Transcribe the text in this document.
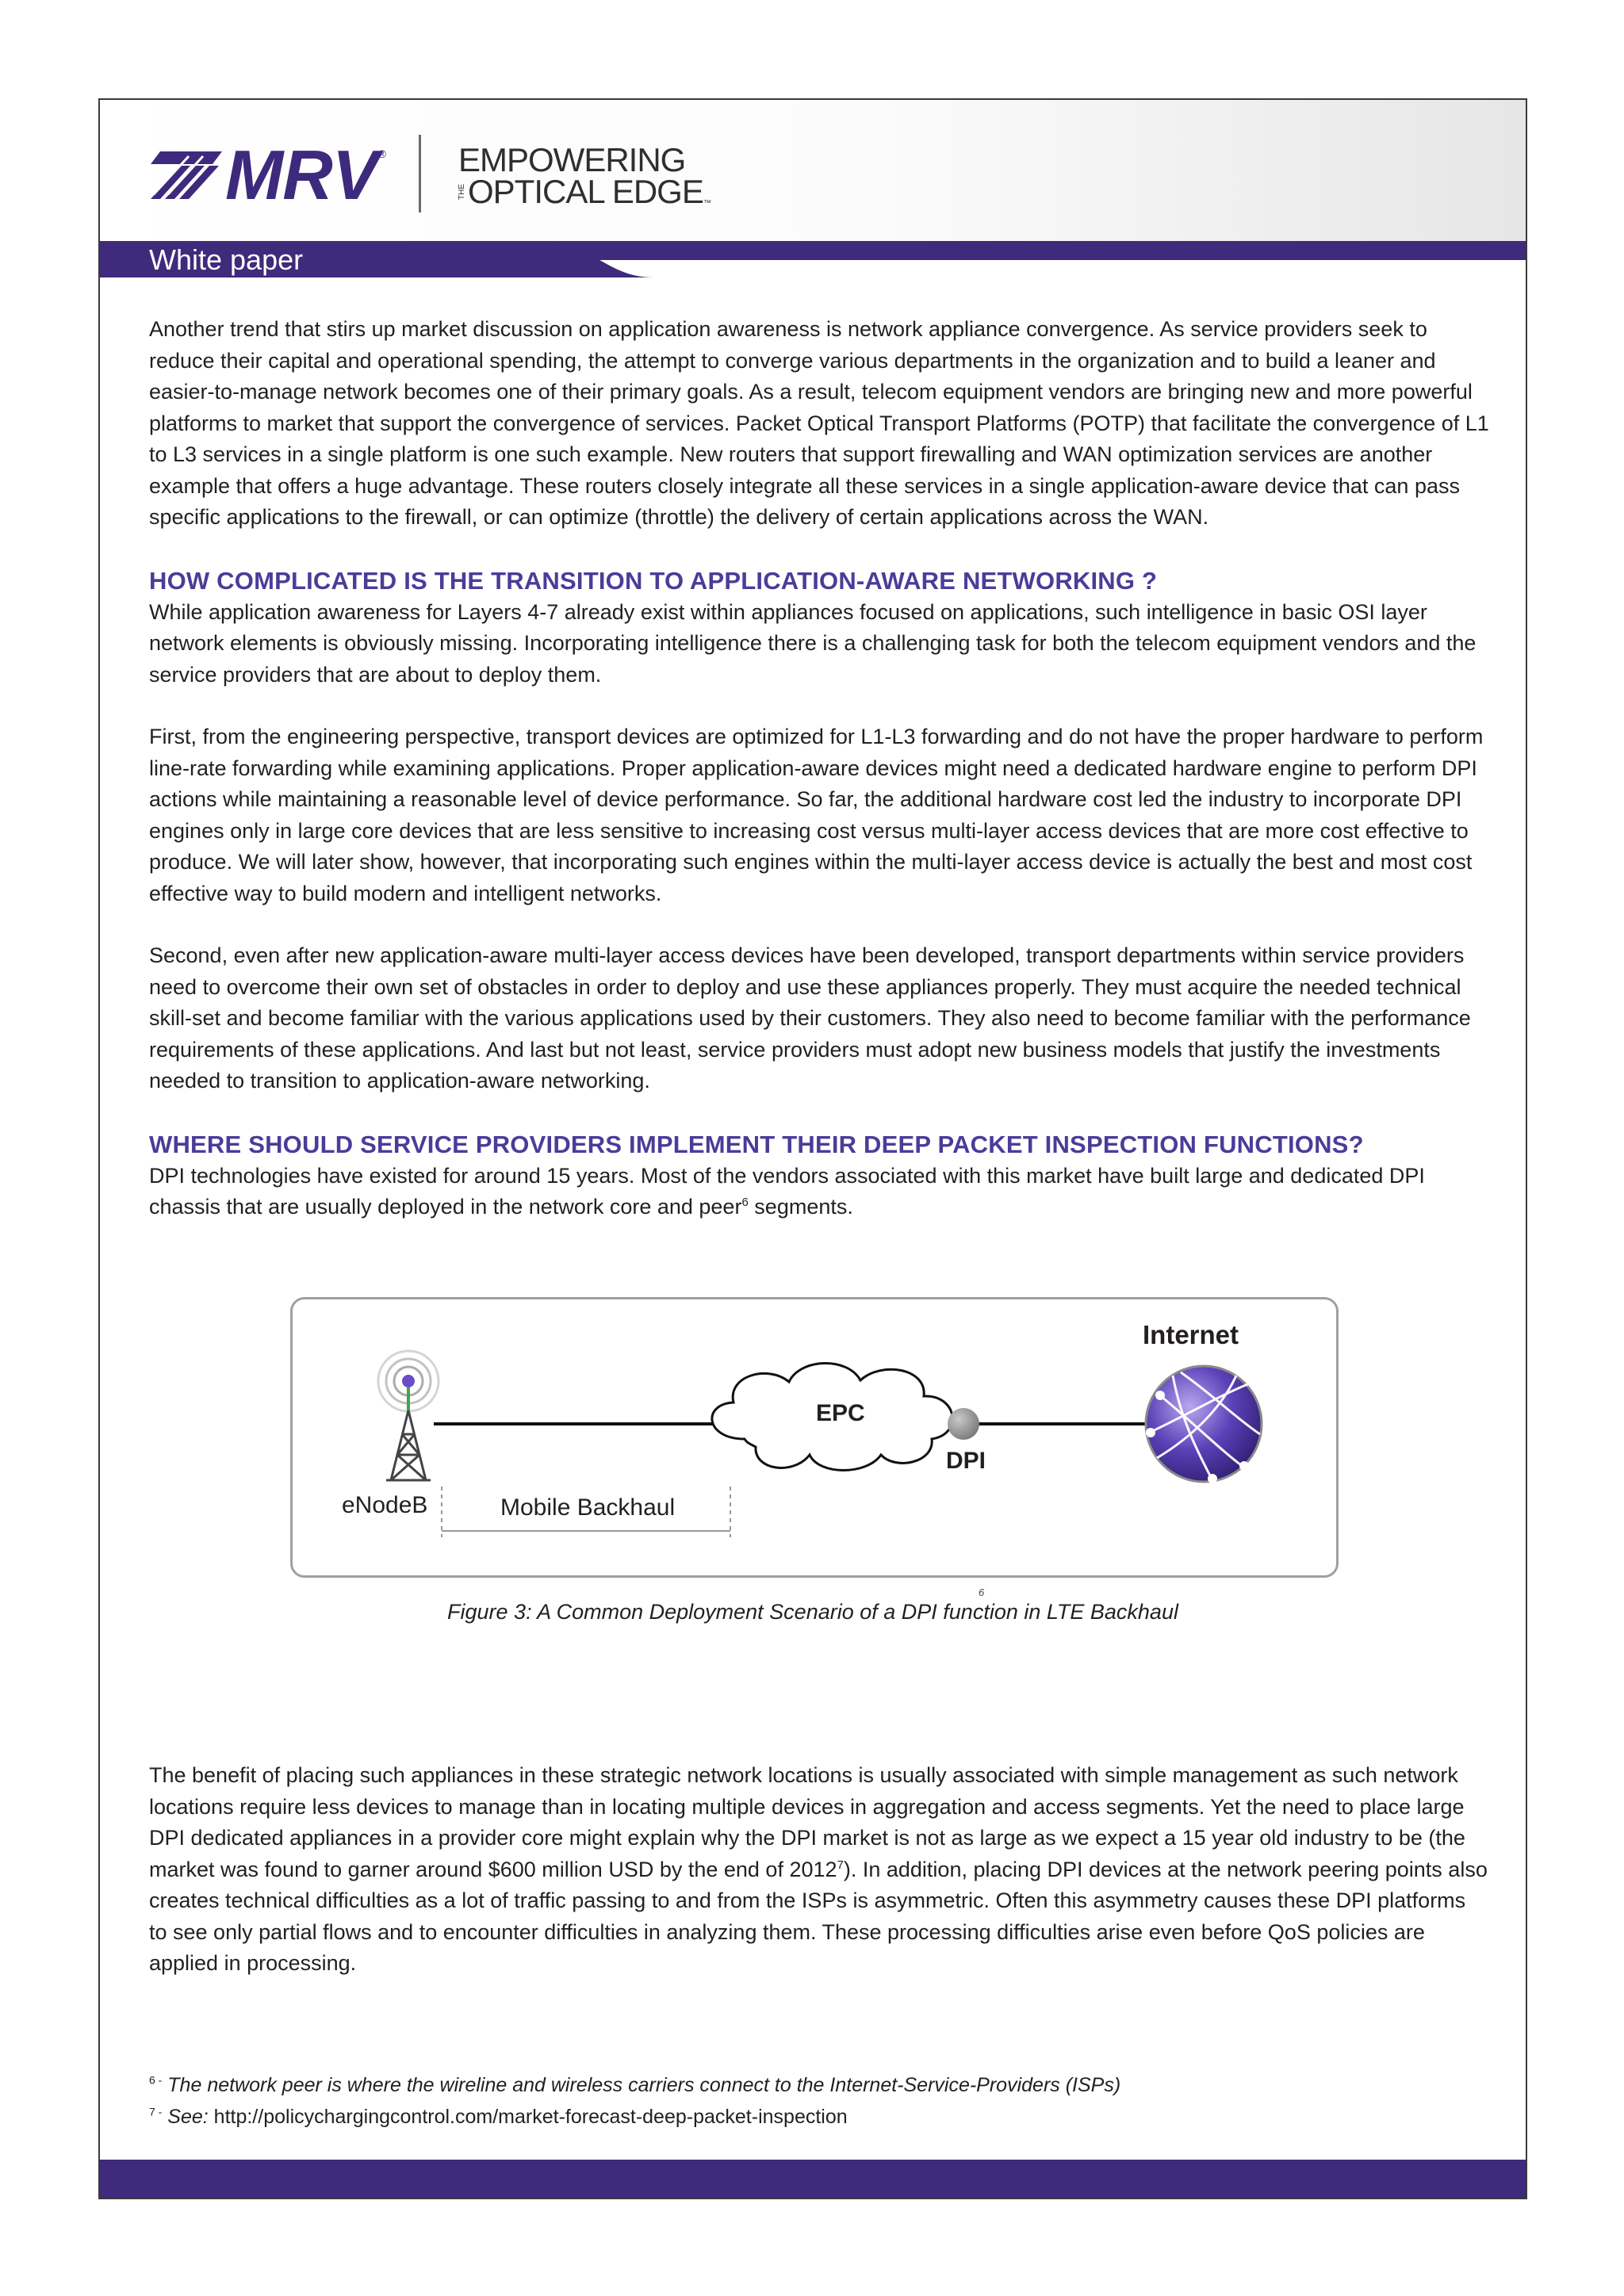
MRV ® EMPOWERING
THE OPTICAL EDGE ™
White paper

Another trend that stirs up market discussion on application awareness is network appliance convergence. As service providers seek to reduce their capital and operational spending, the attempt to converge various departments in the organization and to build a leaner and easier-to-manage network becomes one of their primary goals. As a result, telecom equipment vendors are bringing new and more powerful platforms to market that support the convergence of services. Packet Optical Transport Platforms (POTP) that facilitate the convergence of L1 to L3 services in a single platform is one such example. New routers that support firewalling and WAN optimization services are another example that offers a huge advantage. These routers closely integrate all these services in a single application-aware device that can pass specific applications to the firewall, or can optimize (throttle) the delivery of certain applications across the WAN.

HOW COMPLICATED IS THE TRANSITION TO APPLICATION-AWARE NETWORKING ?

While application awareness for Layers 4-7 already exist within appliances focused on applications, such intelligence in basic OSI layer network elements is obviously missing. Incorporating intelligence there is a challenging task for both the telecom equipment vendors and the service providers that are about to deploy them.

First, from the engineering perspective, transport devices are optimized for L1-L3 forwarding and do not have the proper hardware to perform line-rate forwarding while examining applications. Proper application-aware devices might need a dedicated hardware engine to perform DPI actions while maintaining a reasonable level of device performance. So far, the additional hardware cost led the industry to incorporate DPI engines only in large core devices that are less sensitive to increasing cost versus multi-layer access devices that are more cost effective to produce. We will later show, however, that incorporating such engines within the multi-layer access device is actually the best and most cost effective way to build modern and intelligent networks.

Second, even after new application-aware multi-layer access devices have been developed, transport departments within service providers need to overcome their own set of obstacles in order to deploy and use these appliances properly. They must acquire the needed technical skill-set and become familiar with the various applications used by their customers. They also need to become familiar with the performance requirements of these applications. And last but not least, service providers must adopt new business models that justify the investments needed to transition to application-aware networking.

WHERE SHOULD SERVICE PROVIDERS IMPLEMENT THEIR DEEP PACKET INSPECTION FUNCTIONS?

DPI technologies have existed for around 15 years. Most of the vendors associated with this market have built large and dedicated DPI chassis that are usually deployed in the network core and peer$^6$ segments.

Internet
EPC
DPI
eNodeB	Mobile Backhaul
6
Figure 3: A Common Deployment Scenario of a DPI function in LTE Backhaul

The benefit of placing such appliances in these strategic network locations is usually associated with simple management as such network locations require less devices to manage than in locating multiple devices in aggregation and access segments. Yet the need to place large DPI dedicated appliances in a provider core might explain why the DPI market is not as large as we expect a 15 year old industry to be (the market was found to garner around $600 million USD by the end of 2012$^7$). In addition, placing DPI devices at the network peering points also creates technical difficulties as a lot of traffic passing to and from the ISPs is asymmetric. Often this asymmetry causes these DPI platforms to see only partial flows and to encounter difficulties in analyzing them. These processing difficulties arise even before QoS policies are applied in processing.

$^{6 -}$ The network peer is where the wireline and wireless carriers connect to the Internet-Service-Providers (ISPs)

$^{7 -}$ See: http://policychargingcontrol.com/market-forecast-deep-packet-inspection
